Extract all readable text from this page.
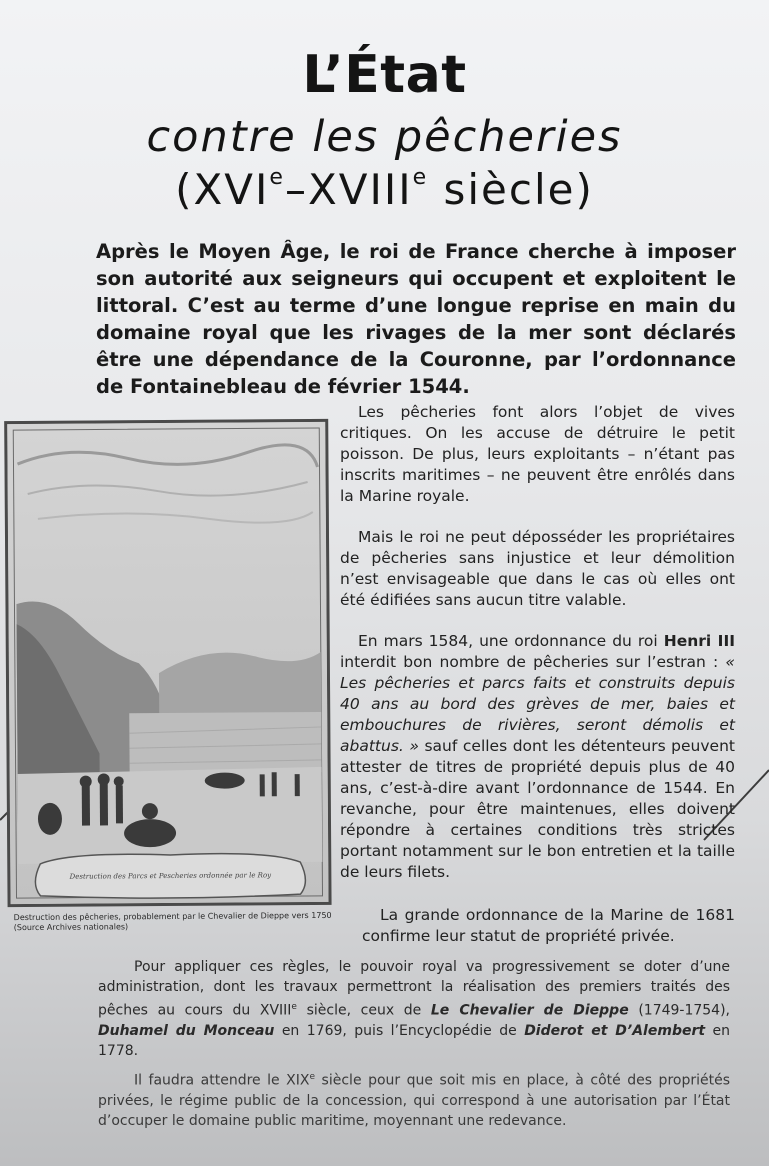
L’État
contre les pêcheries
(XVIe–XVIIIe siècle)

Après le Moyen Âge, le roi de France cherche à imposer son autorité aux seigneurs qui occupent et exploitent le littoral. C’est au terme d’une longue reprise en main du domaine royal que les rivages de la mer sont déclarés être une dépendance de la Couronne, par l’ordonnance de Fontainebleau de février 1544.

Destruction des Parcs et Pescheries ordonnée par le Roy

Destruction des pêcheries, probablement par le Chevalier de Dieppe vers 1750 (Source Archives nationales)

Les pêcheries font alors l’objet de vives critiques. On les accuse de détruire le petit poisson. De plus, leurs exploitants – n’étant pas inscrits maritimes – ne peuvent être enrôlés dans la Marine royale.

Mais le roi ne peut déposséder les propriétaires de pêcheries sans injustice et leur démolition n’est envisageable que dans le cas où elles ont été édifiées sans aucun titre valable.

En mars 1584, une ordonnance du roi Henri III interdit bon nombre de pêcheries sur l’estran : « Les pêcheries et parcs faits et construits depuis 40 ans au bord des grèves de mer, baies et embouchures de rivières, seront démolis et abattus. » sauf celles dont les détenteurs peuvent attester de titres de propriété depuis plus de 40 ans, c’est-à-dire avant l’ordonnance de 1544. En revanche, pour être maintenues, elles doivent répondre à certaines conditions très strictes portant notamment sur le bon entretien et la taille de leurs filets.

La grande ordonnance de la Marine de 1681 confirme leur statut de propriété privée.

Pour appliquer ces règles, le pouvoir royal va progressivement se doter d’une administration, dont les travaux permettront la réalisation des premiers traités des pêches au cours du XVIIIe siècle, ceux de Le Chevalier de Dieppe (1749-1754), Duhamel du Monceau en 1769, puis l’Encyclopédie de Diderot et D’Alembert en 1778.

Il faudra attendre le XIXe siècle pour que soit mis en place, à côté des propriétés privées, le régime public de la concession, qui correspond à une autorisation par l’État d’occuper le domaine public maritime, moyennant une redevance.
